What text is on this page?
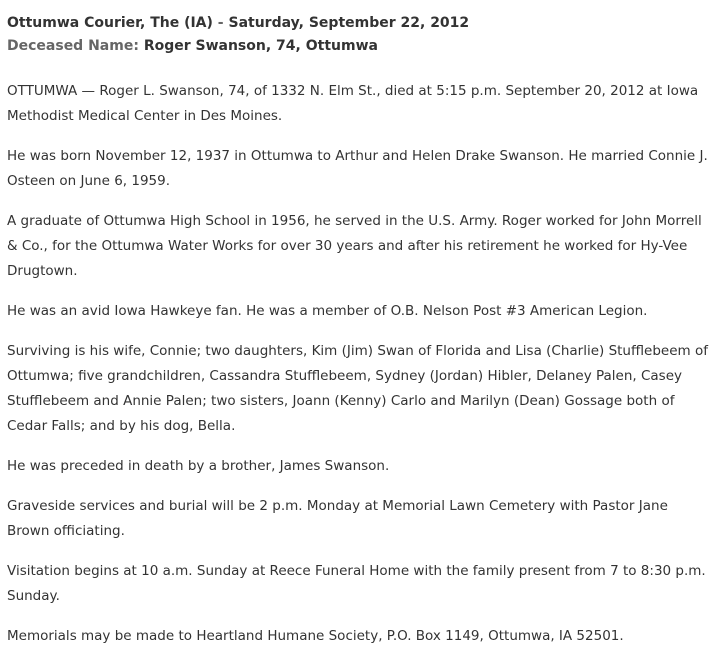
Ottumwa Courier, The (IA) - Saturday, September 22, 2012
Deceased Name: Roger Swanson, 74, Ottumwa

OTTUMWA — Roger L. Swanson, 74, of 1332 N. Elm St., died at 5:15 p.m. September 20, 2012 at Iowa Methodist Medical Center in Des Moines.

He was born November 12, 1937 in Ottumwa to Arthur and Helen Drake Swanson. He married Connie J. Osteen on June 6, 1959.

A graduate of Ottumwa High School in 1956, he served in the U.S. Army. Roger worked for John Morrell & Co., for the Ottumwa Water Works for over 30 years and after his retirement he worked for Hy-Vee Drugtown.

He was an avid Iowa Hawkeye fan. He was a member of O.B. Nelson Post #3 American Legion.

Surviving is his wife, Connie; two daughters, Kim (Jim) Swan of Florida and Lisa (Charlie) Stufflebeem of Ottumwa; five grandchildren, Cassandra Stufflebeem, Sydney (Jordan) Hibler, Delaney Palen, Casey Stufflebeem and Annie Palen; two sisters, Joann (Kenny) Carlo and Marilyn (Dean) Gossage both of Cedar Falls; and by his dog, Bella.

He was preceded in death by a brother, James Swanson.

Graveside services and burial will be 2 p.m. Monday at Memorial Lawn Cemetery with Pastor Jane Brown officiating.

Visitation begins at 10 a.m. Sunday at Reece Funeral Home with the family present from 7 to 8:30 p.m. Sunday.

Memorials may be made to Heartland Humane Society, P.O. Box 1149, Ottumwa, IA 52501.
